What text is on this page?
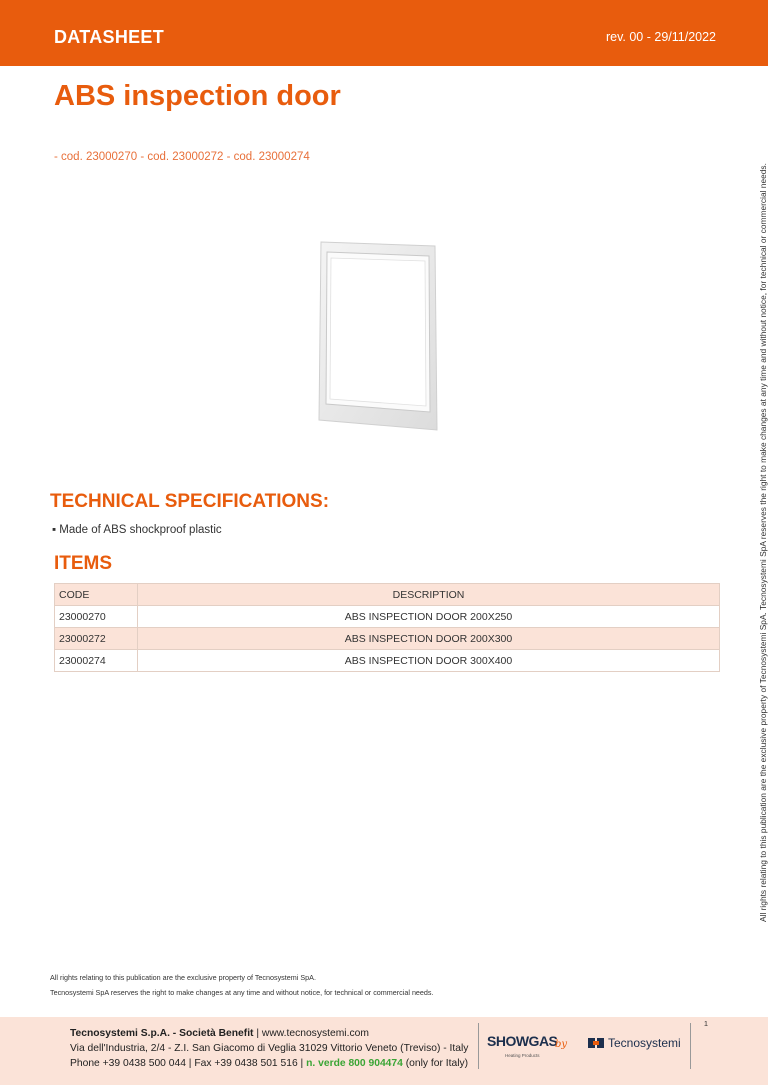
DATASHEET	rev. 00 - 29/11/2022
ABS inspection door
- cod. 23000270 - cod. 23000272 - cod. 23000274
TECHNICAL SPECIFICATIONS:
▪ Made of ABS shockproof plastic
ITEMS
CODE	DESCRIPTION
23000270	ABS INSPECTION DOOR 200X250
23000272	ABS INSPECTION DOOR 200X300
23000274	ABS INSPECTION DOOR 300X400	All rights relating to this publication are the exclusive property of Tecnosystemi SpA. Tecnosystemi SpA reserves the right to make changes at any time and without notice, for technical or commercial needs.
All rights relating to this publication are the exclusive property of Tecnosystemi SpA.
Tecnosystemi SpA reserves the right to make changes at any time and without notice, for technical or commercial needs.
1
Tecnosystemi S.p.A. - Società Benefit | www.tecnosystemi.com
Via dell'Industria, 2/4 - Z.I. San Giacomo di Veglia 31029 Vittorio Veneto (Treviso) - Italy
Phone +39 0438 500 044 | Fax +39 0438 501 516 | n. verde 800 904474 (only for Italy)
SHOWGAS
Heating Products
by	Tecnosystemi
